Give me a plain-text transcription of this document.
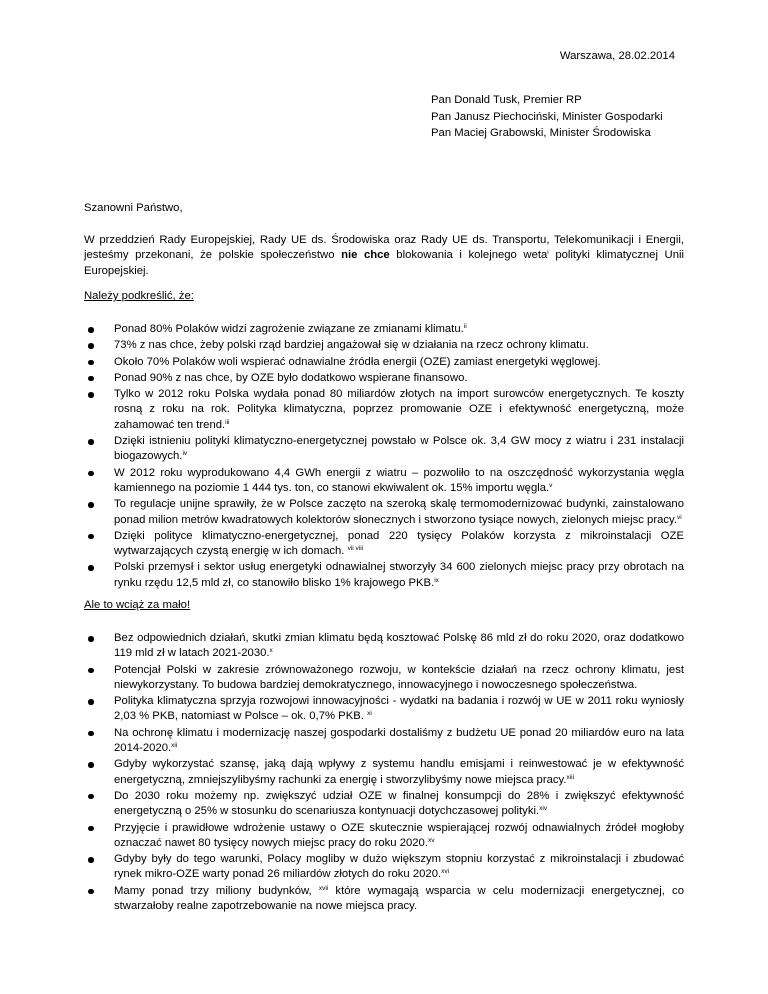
Warszawa, 28.02.2014
Pan Donald Tusk, Premier RP
Pan Janusz Piechociński, Minister Gospodarki
Pan Maciej Grabowski, Minister Środowiska
Szanowni Państwo,

W przeddzień Rady Europejskiej, Rady UE ds. Środowiska oraz Rady UE ds. Transportu, Telekomunikacji i Energii, jesteśmy przekonani, że polskie społeczeństwo nie chce blokowania i kolejnego weta$^i$ polityki klimatycznej Unii Europejskiej.

Należy podkreślić, że:
Ponad 80% Polaków widzi zagrożenie związane ze zmianami klimatu.$^{ii}$
73% z nas chce, żeby polski rząd bardziej angażował się w działania na rzecz ochrony klimatu.
Około 70% Polaków woli wspierać odnawialne źródła energii (OZE) zamiast energetyki węglowej.
Ponad 90% z nas chce, by OZE było dodatkowo wspierane finansowo.
Tylko w 2012 roku Polska wydała ponad 80 miliardów złotych na import surowców energetycznych. Te koszty rosną z roku na rok. Polityka klimatyczna, poprzez promowanie OZE i efektywność energetyczną, może zahamować ten trend.$^{iii}$
Dzięki istnieniu polityki klimatyczno-energetycznej powstało w Polsce ok. 3,4 GW mocy z wiatru i 231 instalacji biogazowych.$^{iv}$
W 2012 roku wyprodukowano 4,4 GWh energii z wiatru – pozwoliło to na oszczędność wykorzystania węgla kamiennego na poziomie 1 444 tys. ton, co stanowi ekwiwalent ok. 15% importu węgla.$^v$
To regulacje unijne sprawiły, że w Polsce zaczęto na szeroką skalę termomodernizować budynki, zainstalowano ponad milion metrów kwadratowych kolektorów słonecznych i stworzono tysiące nowych, zielonych miejsc pracy.$^{vi}$
Dzięki polityce klimatyczno-energetycznej, ponad 220 tysięcy Polaków korzysta z mikroinstalacji OZE wytwarzających czystą energię w ich domach. $^{vii viii}$
Polski przemysł i sektor usług energetyki odnawialnej stworzyły 34 600 zielonych miejsc pracy przy obrotach na rynku rzędu 12,5 mld zł, co stanowiło blisko 1% krajowego PKB.$^{ix}$
Ale to wciąż za mało!
Bez odpowiednich działań, skutki zmian klimatu będą kosztować Polskę 86 mld zł do roku 2020, oraz dodatkowo 119 mld zł w latach 2021-2030.$^x$
Potencjał Polski w zakresie zrównoważonego rozwoju, w kontekście działań na rzecz ochrony klimatu, jest niewykorzystany. To budowa bardziej demokratycznego, innowacyjnego i nowoczesnego społeczeństwa.
Polityka klimatyczna sprzyja rozwojowi innowacyjności - wydatki na badania i rozwój w UE w 2011 roku wyniosły 2,03 % PKB, natomiast w Polsce – ok. 0,7% PKB. $^{xi}$
Na ochronę klimatu i modernizację naszej gospodarki dostaliśmy z budżetu UE ponad 20 miliardów euro na lata 2014-2020.$^{xii}$
Gdyby wykorzystać szansę, jaką dają wpływy z systemu handlu emisjami i reinwestować je w efektywność energetyczną, zmniejszylibyśmy rachunki za energię i stworzylibyśmy nowe miejsca pracy.$^{xiii}$
Do 2030 roku możemy np. zwiększyć udział OZE w finalnej konsumpcji do 28% i zwiększyć efektywność energetyczną o 25% w stosunku do scenariusza kontynuacji dotychczasowej polityki.$^{xiv}$
Przyjęcie i prawidłowe wdrożenie ustawy o OZE skutecznie wspierającej rozwój odnawialnych źródeł mogłoby oznaczać nawet 80 tysięcy nowych miejsc pracy do roku 2020.$^{xv}$
Gdyby były do tego warunki, Polacy mogliby w dużo większym stopniu korzystać z mikroinstalacji i zbudować rynek mikro-OZE warty ponad 26 miliardów złotych do roku 2020.$^{xvi}$
Mamy ponad trzy miliony budynków, $^{xvii}$ które wymagają wsparcia w celu modernizacji energetycznej, co stwarzałoby realne zapotrzebowanie na nowe miejsca pracy.
